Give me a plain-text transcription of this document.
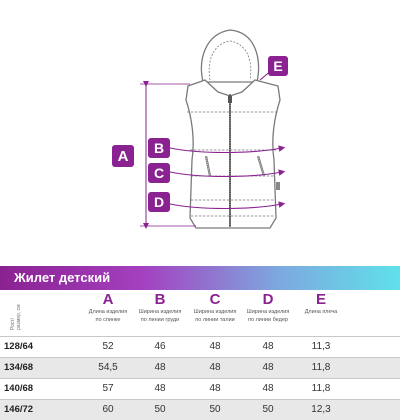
A B
C
D
E
Жилет детский
Рост/ размер, см
A
Длина изделия
по спинке
B
Ширина изделия
по линии груди
C
Ширина изделия
по линии талии
D
Ширина изделия
по линии бедер
E
Длина плеча
128/64	52	46	48	48	11,3
134/68	54,5	48	48	48	11,8
140/68	57	48	48	48	11,8
146/72	60	50	50	50	12,3
